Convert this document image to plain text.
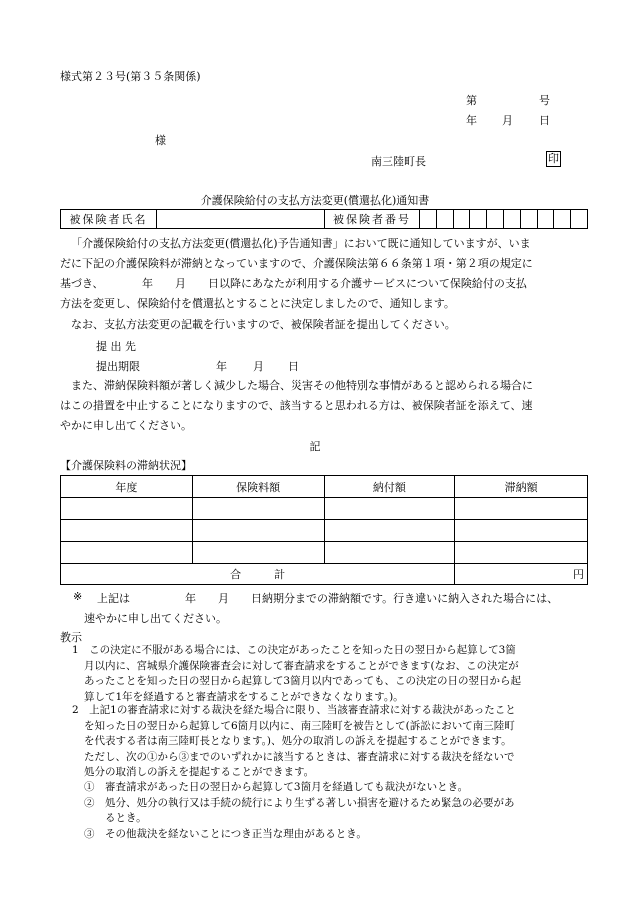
様式第２３号(第３５条関係)
第	号
年 月 日
様
南三陸町長	印
介護保険給付の支払方法変更(償還払化)通知書
被保険者氏名		被保険者番号										
「介護保険給付の支払方法変更(償還払化)予告通知書」において既に通知していますが、いま
だに下記の介護保険料が滞納となっていますので、介護保険法第６６条第１項・第２項の規定に
基づき、　　　　年　　月　　日以降にあなたが利用する介護サービスについて保険給付の支払
方法を変更し、保険給付を償還払とすることに決定しましたので、通知します。
なお、支払方法変更の記載を行いますので、被保険者証を提出してください。
提 出 先
提出期限	年 月 日
また、滞納保険料額が著しく減少した場合、災害その他特別な事情があると認められる場合に
はこの措置を中止することになりますので、該当すると思われる方は、被保険者証を添えて、速
やかに申し出てください。
記
【介護保険料の滞納状況】
年度	保険料額	納付額	滞納額

合　　　計			円
※ 上記は　　　　　年　　月　　日納期分までの滞納額です。行き違いに納入された場合には、
速やかに申し出てください。
教示
1　この決定に不服がある場合には、この決定があったことを知った日の翌日から起算して3箇
月以内に、宮城県介護保険審査会に対して審査請求をすることができます(なお、この決定が
あったことを知った日の翌日から起算して3箇月以内であっても、この決定の日の翌日から起
算して1年を経過すると審査請求をすることができなくなります。)。
2　上記1の審査請求に対する裁決を経た場合に限り、当該審査請求に対する裁決があったこと
を知った日の翌日から起算して6箇月以内に、南三陸町を被告として(訴訟において南三陸町
を代表する者は南三陸町長となります。)、処分の取消しの訴えを提起することができます。
ただし、次の①から③までのいずれかに該当するときは、審査請求に対する裁決を経ないで
処分の取消しの訴えを提起することができます。
①　審査請求があった日の翌日から起算して3箇月を経過しても裁決がないとき。
②　処分、処分の執行又は手続の続行により生ずる著しい損害を避けるため緊急の必要があ
　　るとき。
③　その他裁決を経ないことにつき正当な理由があるとき。
